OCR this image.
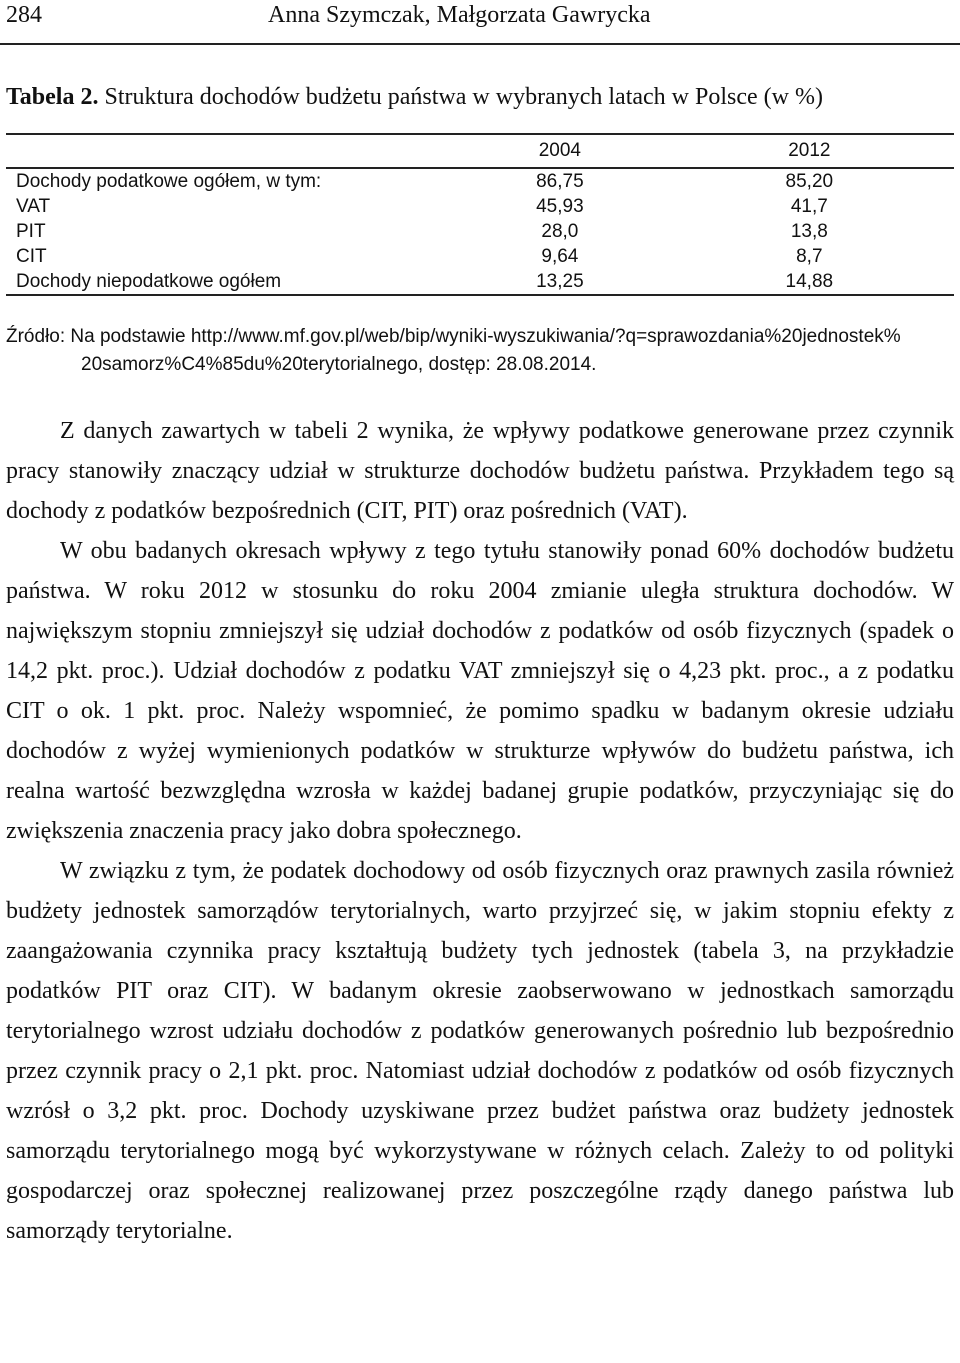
284	Anna Szymczak, Małgorzata Gawrycka
Tabela 2. Struktura dochodów budżetu państwa w wybranych latach w Polsce (w %)
	2004	2012
Dochody podatkowe ogółem, w tym:	86,75	85,20
VAT	45,93	41,7
PIT	28,0	13,8
CIT	9,64	8,7
Dochody niepodatkowe ogółem	13,25	14,88
Źródło: Na podstawie http://www.mf.gov.pl/web/bip/wyniki-wyszukiwania/?q=sprawozdania%20jednostek%
20samorz%C4%85du%20terytorialnego, dostęp: 28.08.2014.

Z danych zawartych w tabeli 2 wynika, że wpływy podatkowe generowane przez czynnik pracy stanowiły znaczący udział w strukturze dochodów budżetu państwa. Przykładem tego są dochody z podatków bezpośrednich (CIT, PIT) oraz pośrednich (VAT).

W obu badanych okresach wpływy z tego tytułu stanowiły ponad 60% dochodów budżetu państwa. W roku 2012 w stosunku do roku 2004 zmianie uległa struktura dochodów. W największym stopniu zmniejszył się udział dochodów z podatków od osób fizycznych (spadek o 14,2 pkt. proc.). Udział dochodów z podatku VAT zmniejszył się o 4,23 pkt. proc., a z podatku CIT o ok. 1 pkt. proc. Należy wspomnieć, że pomimo spadku w badanym okresie udziału dochodów z wyżej wymienionych podatków w strukturze wpływów do budżetu państwa, ich realna wartość bezwzględna wzrosła w każdej badanej grupie podatków, przyczyniając się do zwiększenia znaczenia pracy jako dobra społecznego.

W związku z tym, że podatek dochodowy od osób fizycznych oraz prawnych zasila również budżety jednostek samorządów terytorialnych, warto przyjrzeć się, w jakim stopniu efekty z zaangażowania czynnika pracy kształtują budżety tych jednostek (tabela 3, na przykładzie podatków PIT oraz CIT). W badanym okresie zaobserwowano w jednostkach samorządu terytorialnego wzrost udziału dochodów z podatków generowanych pośrednio lub bezpośrednio przez czynnik pracy o 2,1 pkt. proc. Natomiast udział dochodów z podatków od osób fizycznych wzrósł o 3,2 pkt. proc. Dochody uzyskiwane przez budżet państwa oraz budżety jednostek samorządu terytorialnego mogą być wykorzystywane w różnych celach. Zależy to od polityki gospodarczej oraz społecznej realizowanej przez poszczególne rządy danego państwa lub samorządy terytorialne.
